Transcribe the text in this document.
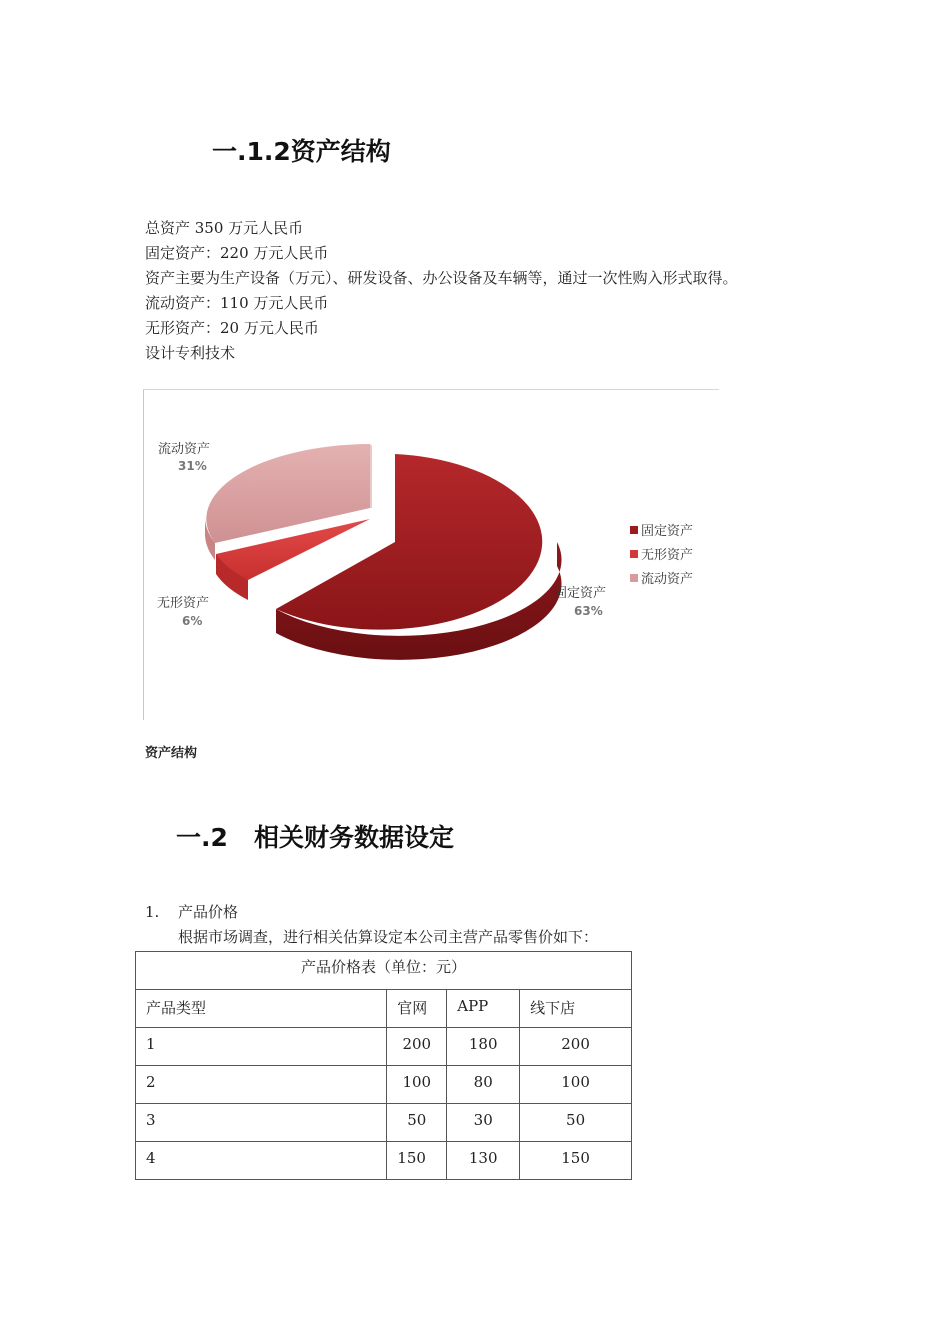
一.1.2资产结构
总资产 350 万元人民币
固定资产：220 万元人民币
资产主要为生产设备（万元）、研发设备、办公设备及车辆等，通过一次性购入形式取得。
流动资产：110 万元人民币
无形资产：20 万元人民币
设计专利技术
流动资产
31%
无形资产
6%
固定资产
63%
固定资产
无形资产
流动资产
资产结构
一.2   相关财务数据设定
1. 产品价格
根据市场调查，进行相关估算设定本公司主营产品零售价如下：
产品价格表（单位：元）			
产品类型	官网	APP	线下店
1	200	180	200
2	100	80	100
3	50	30	50
4	150	130	150
